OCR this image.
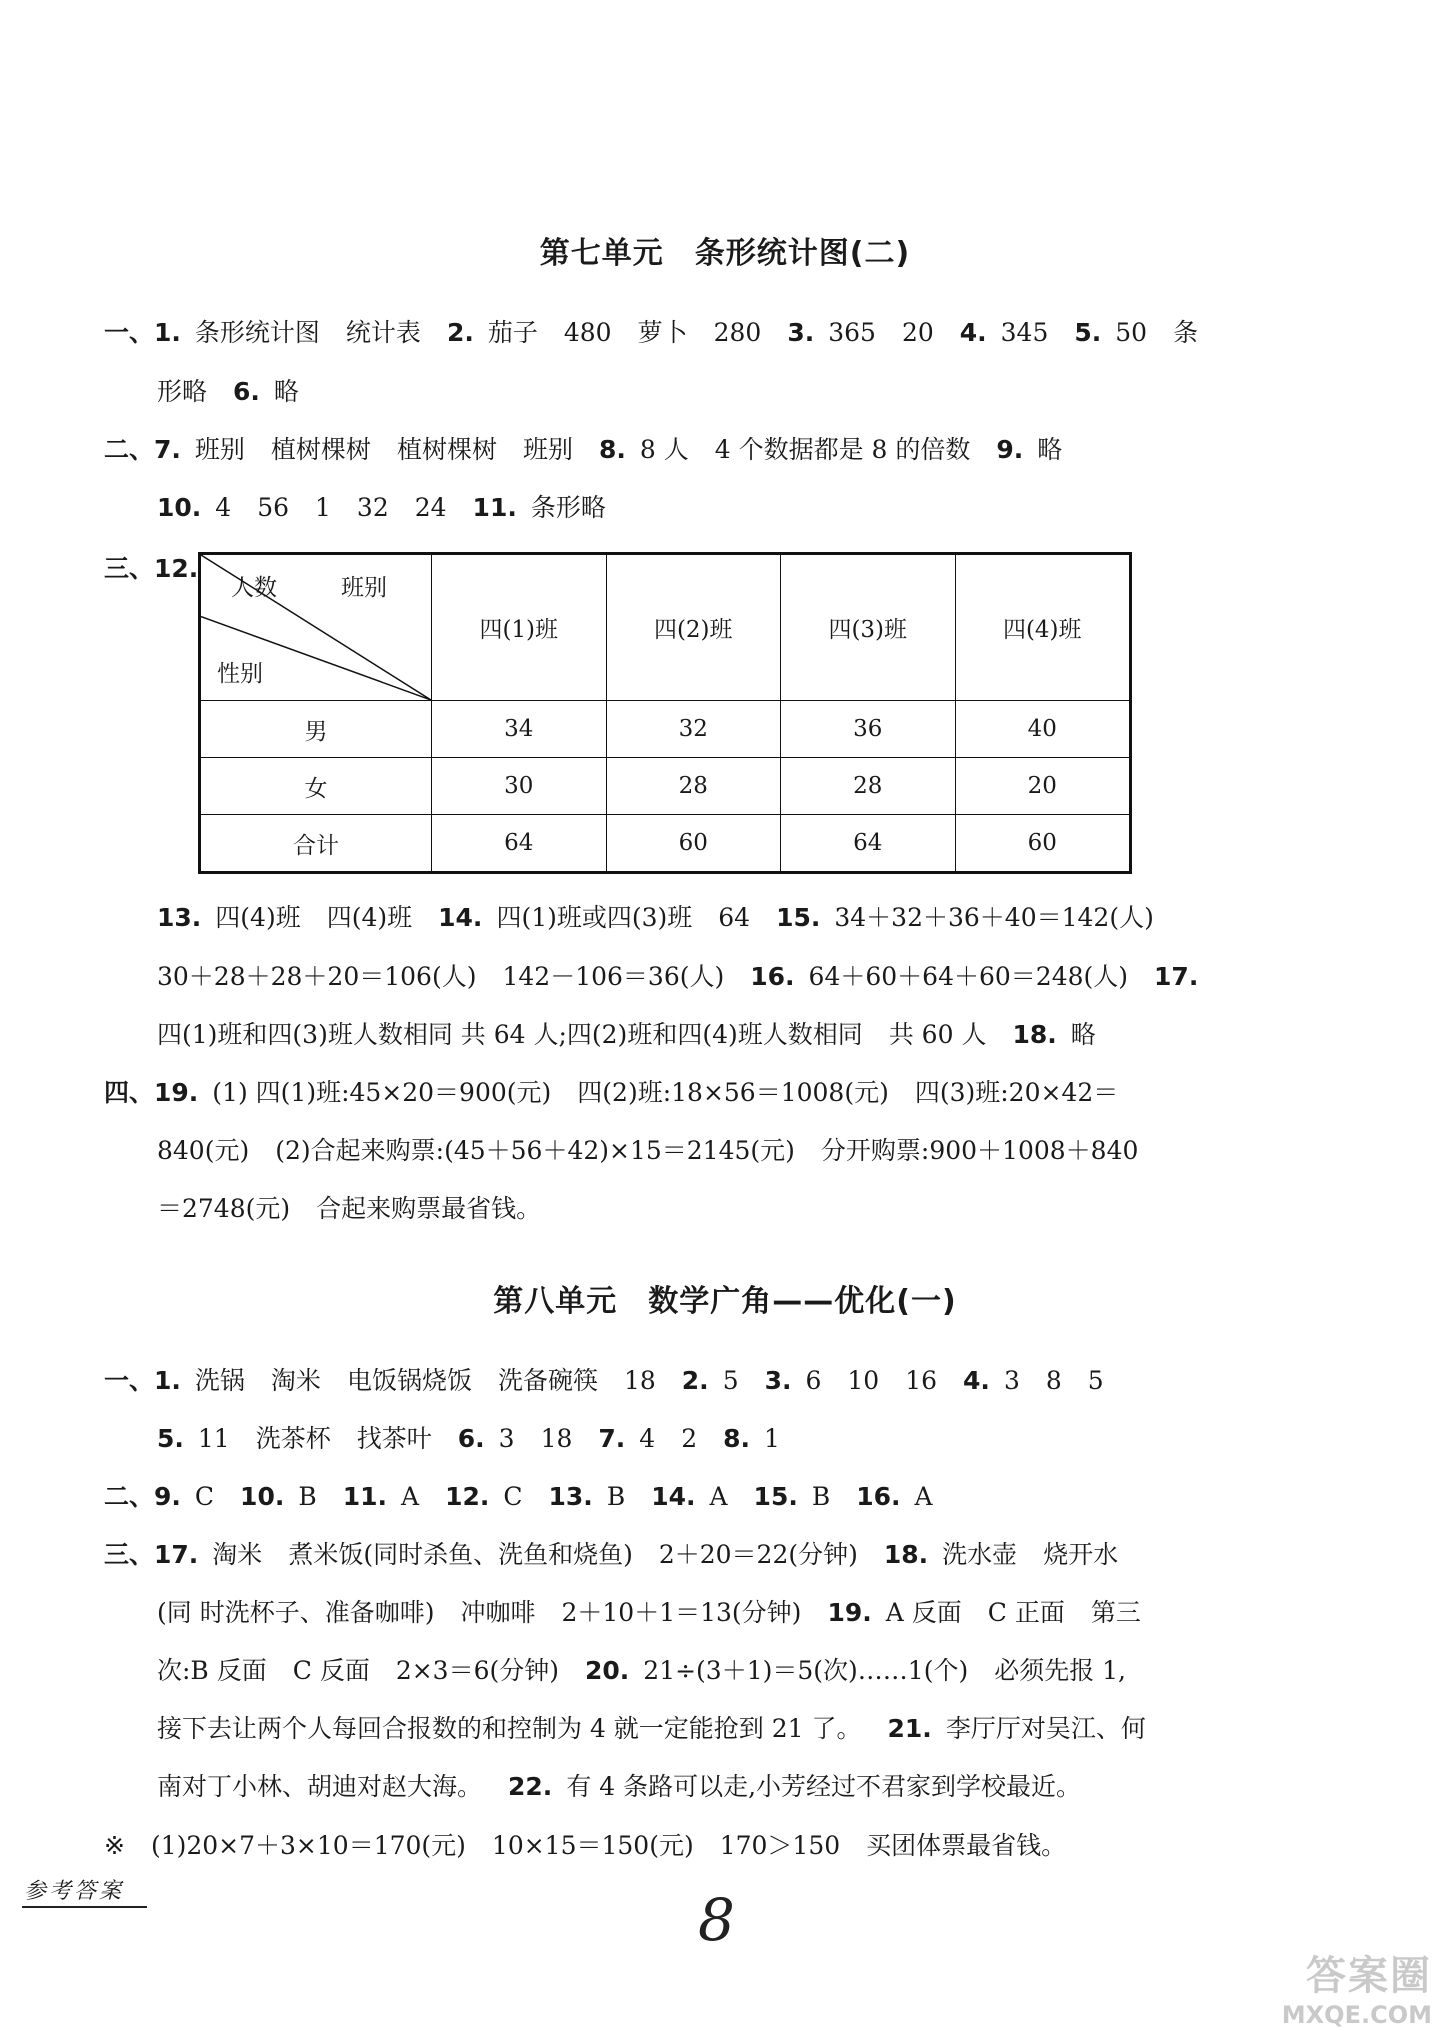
第七单元　条形统计图(二)
一、1. 条形统计图 统计表 2. 茄子 480 萝卜 280 3. 365 20 4. 345 5. 50 条
形略 6. 略
二、7. 班别 植树棵树 植树棵树 班别 8. 8 人 4 个数据都是 8 的倍数 9. 略
10. 4 56 1 32 24 11. 条形略
三、12.
班别
人数
性别	四(1)班	四(2)班	四(3)班	四(4)班
男	34	32	36	40
女	30	28	28	20
合计	64	60	64	60
13. 四(4)班 四(4)班 14. 四(1)班或四(3)班 64 15. 34＋32＋36＋40＝142(人)
30＋28＋28＋20＝106(人) 142－106＝36(人) 16. 64＋60＋64＋60＝248(人) 17.
四(1)班和四(3)班人数相同 共 64 人;四(2)班和四(4)班人数相同 共 60 人 18. 略
四、19. (1) 四(1)班:45×20＝900(元) 四(2)班:18×56＝1008(元) 四(3)班:20×42＝
840(元) (2)合起来购票:(45＋56＋42)×15＝2145(元) 分开购票:900＋1008＋840
＝2748(元) 合起来购票最省钱。
第八单元　数学广角——优化(一)
一、1. 洗锅 淘米 电饭锅烧饭 洗备碗筷 18 2. 5 3. 6 10 16 4. 3 8 5
5. 11 洗茶杯 找茶叶 6. 3 18 7. 4 2 8. 1
二、9. C 10. B 11. A 12. C 13. B 14. A 15. B 16. A
三、17. 淘米 煮米饭(同时杀鱼、洗鱼和烧鱼) 2＋20＝22(分钟) 18. 洗水壶 烧开水
(同 时洗杯子、准备咖啡) 冲咖啡 2＋10＋1＝13(分钟) 19. A 反面 C 正面 第三
次:B 反面 C 反面 2×3＝6(分钟) 20. 21÷(3＋1)＝5(次)……1(个) 必须先报 1,
接下去让两个人每回合报数的和控制为 4 就一定能抢到 21 了。 21. 李厅厅对吴江、何
南对丁小林、胡迪对赵大海。 22. 有 4 条路可以走,小芳经过不君家到学校最近。
※ (1)20×7＋3×10＝170(元) 10×15＝150(元) 170＞150 买团体票最省钱。
参考答案	8
答案圈
MXQE.COM
